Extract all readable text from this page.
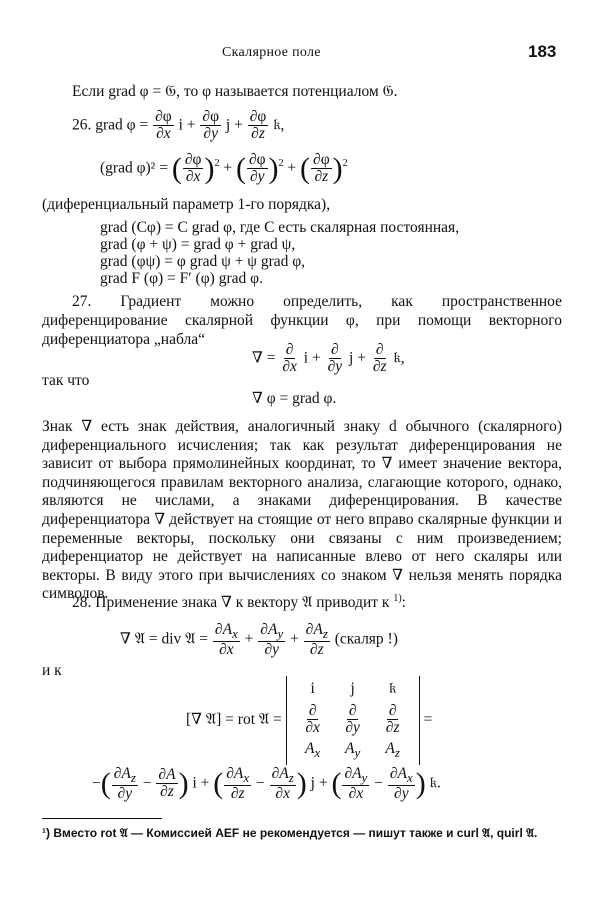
Скалярное поле	183
Если grad φ = 𝔊, то φ называется потенциалом 𝔊.
26. grad $\varphi = \frac{\partial\varphi}{\partial x}$ $i + \frac{\partial\varphi}{\partial y}$ $j + \frac{\partial\varphi}{\partial z}$ 𝔨,
(grad φ)² = ( $\frac{\partial\varphi}{\partial x} )^2$ + ( $\frac{\partial\varphi}{\partial y} )^2$ + ( $\frac{\partial\varphi}{\partial z} )^2$
(диференциальный параметр 1-го порядка),
grad (Cφ) = C grad φ, где C есть скалярная постоянная,
grad (φ + ψ) = grad φ + grad ψ,
grad (φψ) = φ grad ψ + ψ grad φ,
grad F (φ) = F′ (φ) grad φ.
27. Градиент можно определить, как пространственное диференцирование скалярной функции φ, при помощи векторного диференциатора „набла“
∇ = $\frac{\partial}{\partial x}$ $i + \frac{\partial}{\partial y}$ $j + \frac{\partial}{\partial z}$ 𝔨,
так что
∇ φ = grad φ.
Знак ∇ есть знак действия, аналогичный знаку d обычного (скалярного) диференциального исчисления; так как результат диференцирования не зависит от выбора прямолинейных координат, то ∇ имеет значение вектора, подчиняющегося правилам векторного анализа, слагающие которого, однако, являются не числами, а знаками диференцирования. В качестве диференциатора ∇ действует на стоящие от него вправо скалярные функции и переменные векторы, поскольку они связаны с ним произведением; диференциатор не действует на написанные влево от него скаляры или векторы. В виду этого при вычислениях со знаком ∇ нельзя менять порядка символов.
28. Применение знака ∇ к вектору 𝔄 приводит к $^{1)}$:
∇ 𝔄 = div 𝔄 = $\frac{\partial A_x}{\partial x} + \frac{\partial A_y}{\partial y} + \frac{\partial A_z}{\partial z}$ (скаляр !)
и к
[∇ 𝔄] = rot 𝔄 =
i	j	𝔨
$\frac{\partial}{\partial x} \frac{\partial}{\partial y} \frac{\partial}{\partial z}$
$A_x$	$A_y$	$A_z$
=
−( $\frac{\partial A_z}{\partial y} - \frac{\partial A}{\partial z}$ ) i + ( $\frac{\partial A_x}{\partial z} - \frac{\partial A_z}{\partial x}$ ) j + ( $\frac{\partial A_y}{\partial x} - \frac{\partial A_x}{\partial y}$ ) 𝔨.
¹) Вместо rot 𝔄 — Комиссией AEF не рекомендуется — пишут также и curl 𝔄, quirl 𝔄.
